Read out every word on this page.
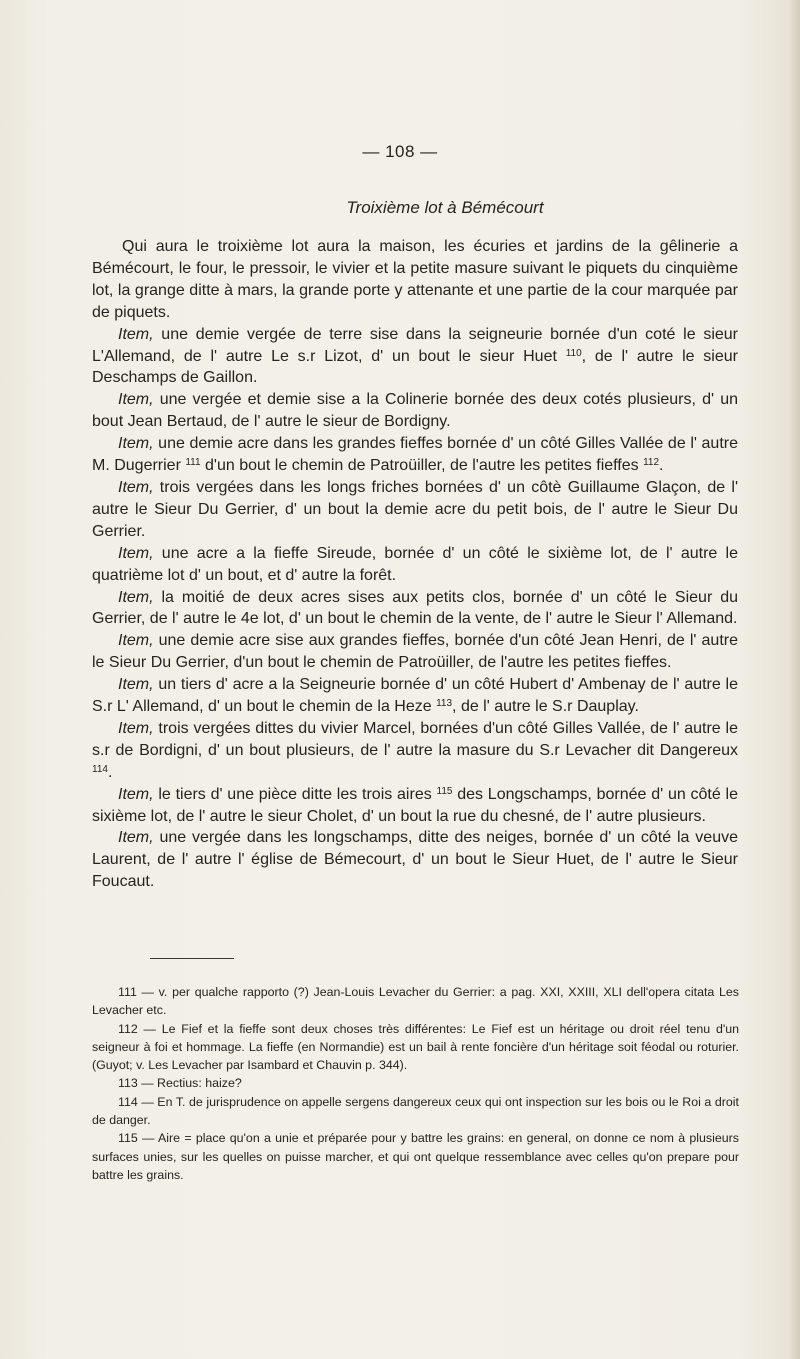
— 108 —
Troixième lot à Bémécourt

Qui aura le troixième lot aura la maison, les écuries et jardins de la gêlinerie a Bémécourt, le four, le pressoir, le vivier et la petite masure suivant le piquets du cinquième lot, la grange ditte à mars, la grande porte y attenante et une partie de la cour marquée par de piquets.

Item, une demie vergée de terre sise dans la seigneurie bornée d'un coté le sieur L'Allemand, de l' autre Le s.r Lizot, d' un bout le sieur Huet $^{110}$, de l' autre le sieur Deschamps de Gaillon.

Item, une vergée et demie sise a la Colinerie bornée des deux cotés plusieurs, d' un bout Jean Bertaud, de l' autre le sieur de Bordigny.

Item, une demie acre dans les grandes fieffes bornée d' un côté Gilles Vallée de l' autre M. Dugerrier $^{111}$ d'un bout le chemin de Patroüiller, de l'autre les petites fieffes $^{112}$.

Item, trois vergées dans les longs friches bornées d' un côtè Guillaume Glaçon, de l' autre le Sieur Du Gerrier, d' un bout la demie acre du petit bois, de l' autre le Sieur Du Gerrier.

Item, une acre a la fieffe Sireude, bornée d' un côté le sixième lot, de l' autre le quatrième lot d' un bout, et d' autre la forêt.

Item, la moitié de deux acres sises aux petits clos, bornée d' un côté le Sieur du Gerrier, de l' autre le 4e lot, d' un bout le chemin de la vente, de l' autre le Sieur l' Allemand.

Item, une demie acre sise aux grandes fieffes, bornée d'un côté Jean Henri, de l' autre le Sieur Du Gerrier, d'un bout le chemin de Patroüiller, de l'autre les petites fieffes.

Item, un tiers d' acre a la Seigneurie bornée d' un côté Hubert d' Ambenay de l' autre le S.r L' Allemand, d' un bout le chemin de la Heze $^{113}$, de l' autre le S.r Dauplay.

Item, trois vergées dittes du vivier Marcel, bornées d'un côté Gilles Vallée, de l' autre le s.r de Bordigni, d' un bout plusieurs, de l' autre la masure du S.r Levacher dit Dangereux $^{114}$.

Item, le tiers d' une pièce ditte les trois aires $^{115}$ des Longschamps, bornée d' un côté le sixième lot, de l' autre le sieur Cholet, d' un bout la rue du chesné, de l' autre plusieurs.

Item, une vergée dans les longschamps, ditte des neiges, bornée d' un côté la veuve Laurent, de l' autre l' église de Bémecourt, d' un bout le Sieur Huet, de l' autre le Sieur Foucaut.

111 — v. per qualche rapporto (?) Jean-Louis Levacher du Gerrier: a pag. XXI, XXIII, XLI dell'opera citata Les Levacher etc.

112 — Le Fief et la fieffe sont deux choses très différentes: Le Fief est un héritage ou droit réel tenu d'un seigneur à foi et hommage. La fieffe (en Normandie) est un bail à rente foncière d'un héritage soit féodal ou roturier. (Guyot; v. Les Levacher par Isambard et Chauvin p. 344).

113 — Rectius: haize?

114 — En T. de jurisprudence on appelle sergens dangereux ceux qui ont inspection sur les bois ou le Roi a droit de danger.

115 — Aire = place qu'on a unie et préparée pour y battre les grains: en general, on donne ce nom à plusieurs surfaces unies, sur les quelles on puisse marcher, et qui ont quelque ressemblance avec celles qu'on prepare pour battre les grains.
